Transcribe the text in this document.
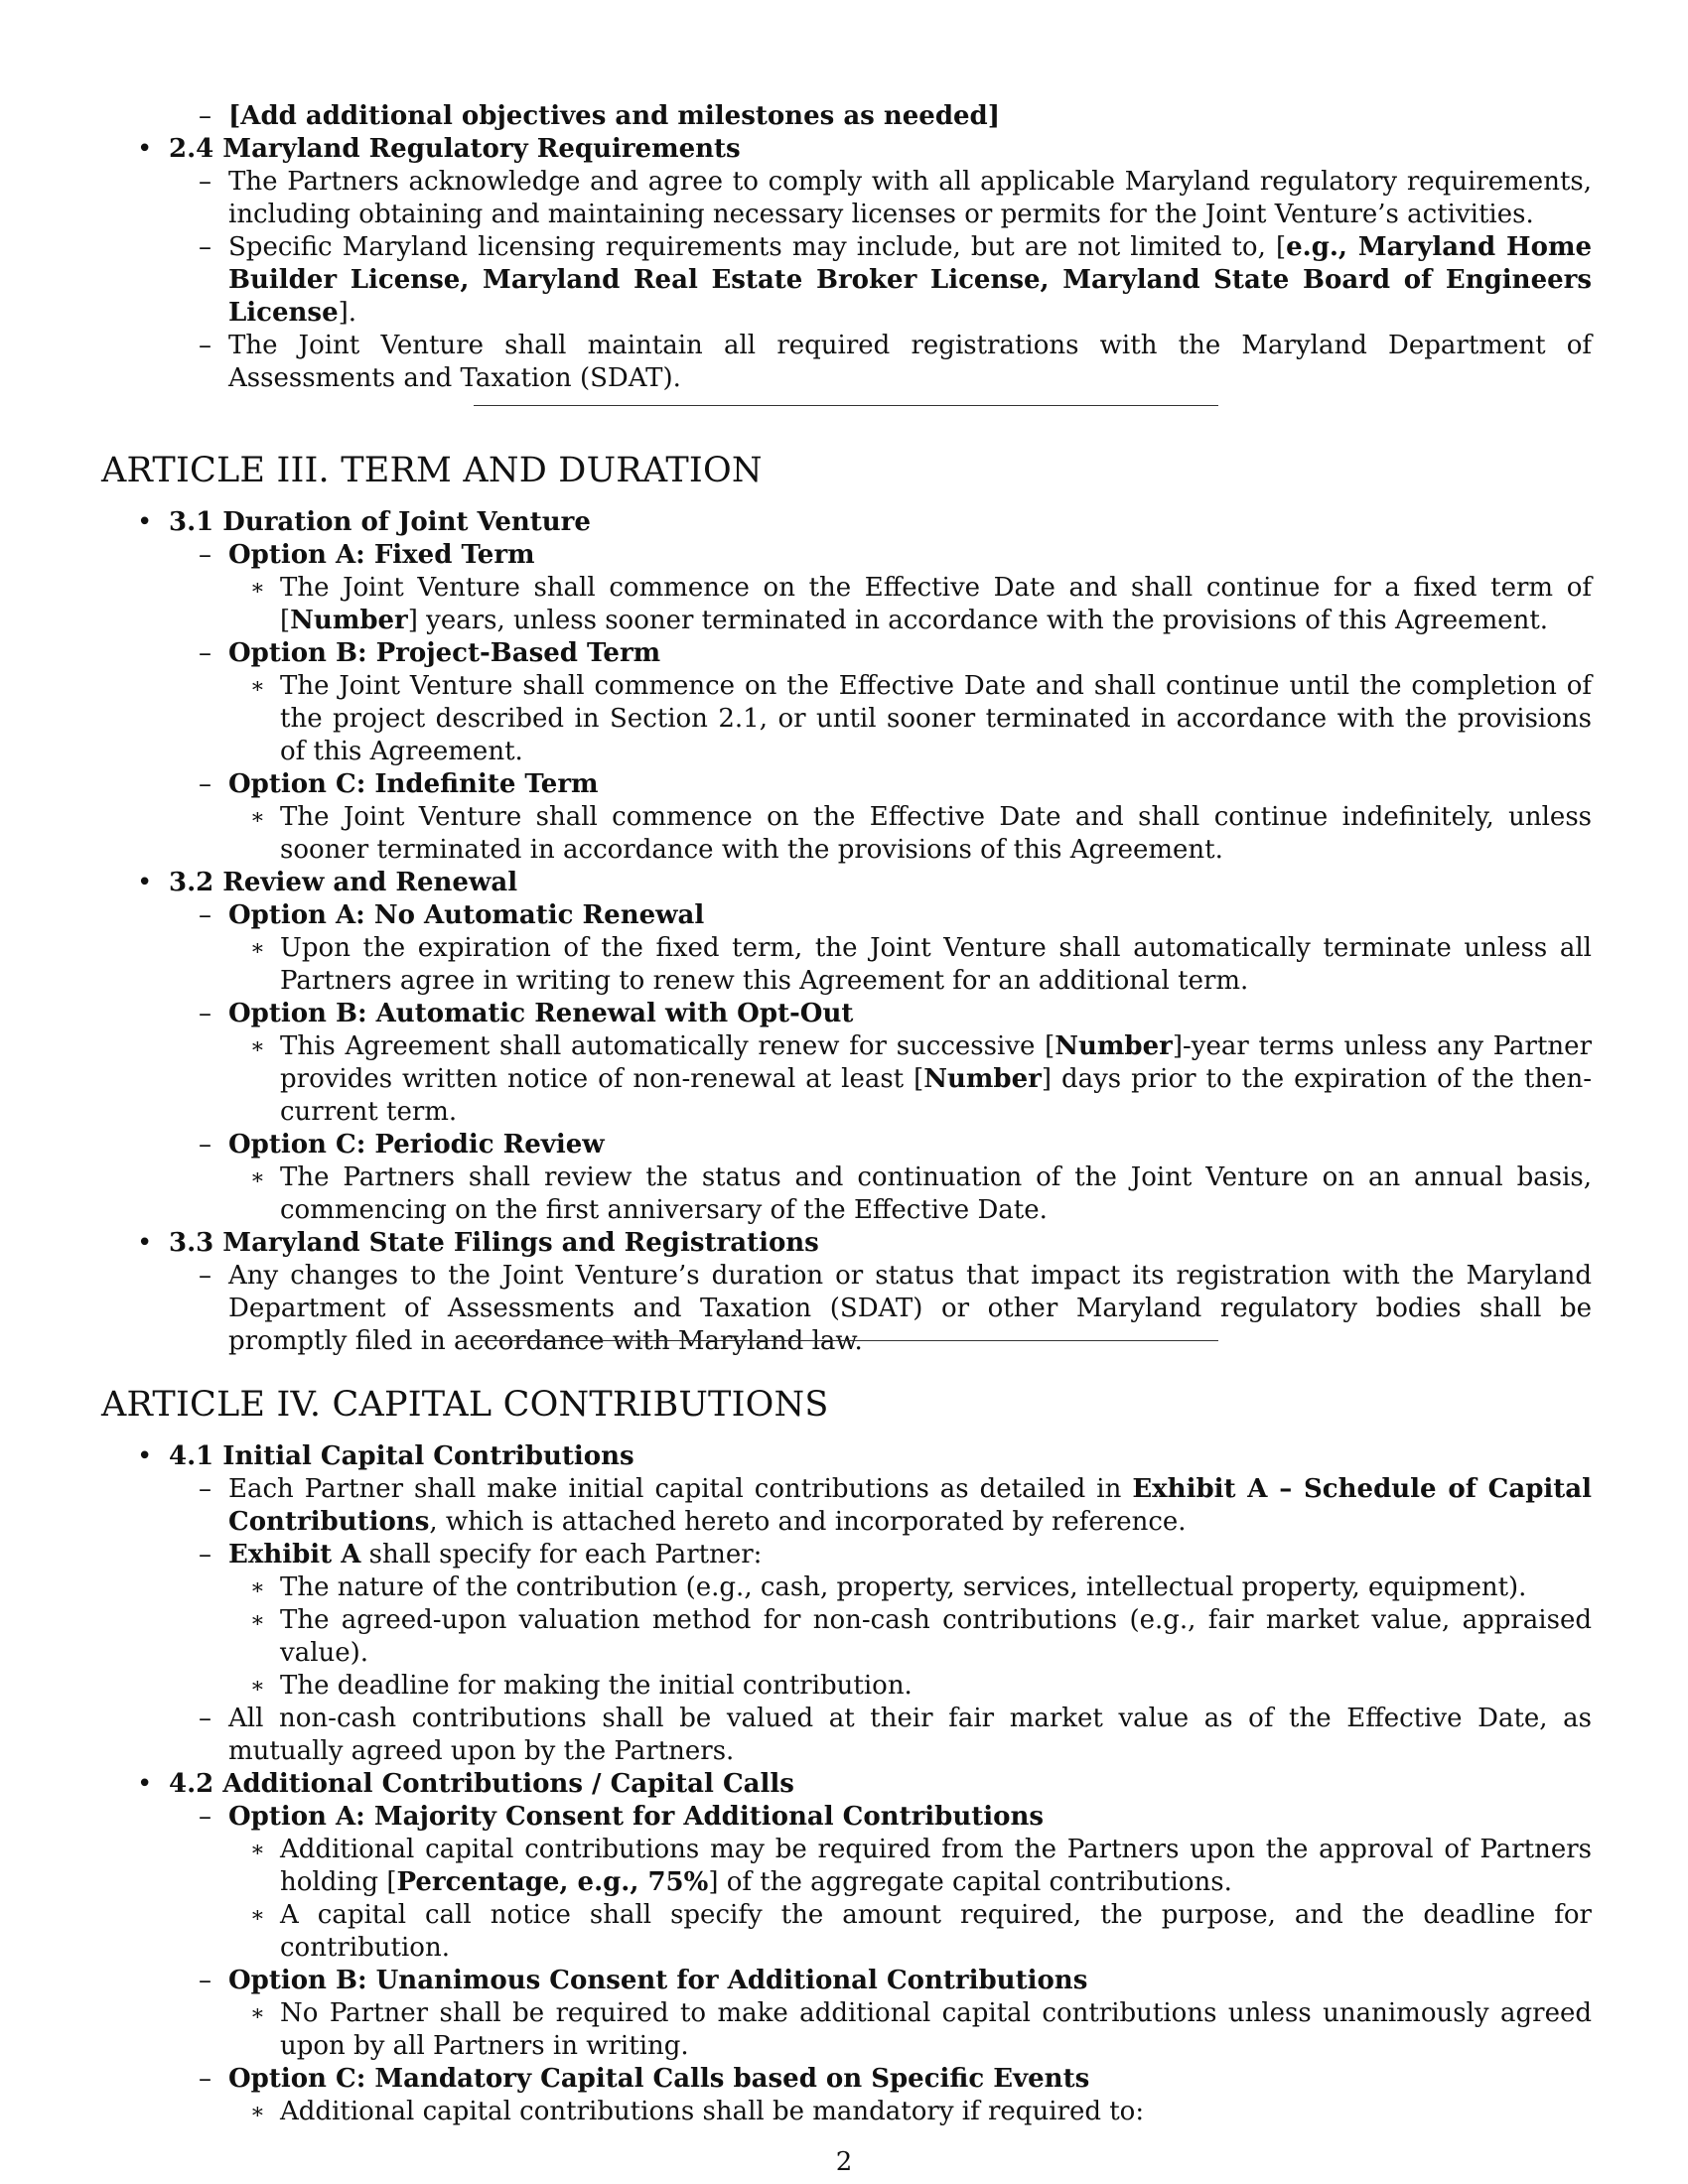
– [Add additional objectives and milestones as needed]
• 2.4 Maryland Regulatory Requirements
– The Partners acknowledge and agree to comply with all applicable Maryland regulatory requirements, including obtaining and maintaining necessary licenses or permits for the Joint Venture’s activities.
– Specific Maryland licensing requirements may include, but are not limited to, [e.g., Maryland Home Builder License, Maryland Real Estate Broker License, Maryland State Board of Engineers License].
– The Joint Venture shall maintain all required registrations with the Maryland Department of Assessments and Taxation (SDAT).
ARTICLE III. TERM AND DURATION
• 3.1 Duration of Joint Venture
– Option A: Fixed Term
∗ The Joint Venture shall commence on the Effective Date and shall continue for a fixed term of [Number] years, unless sooner terminated in accordance with the provisions of this Agreement.
– Option B: Project-Based Term
∗ The Joint Venture shall commence on the Effective Date and shall continue until the completion of the project described in Section 2.1, or until sooner terminated in accordance with the provisions of this Agreement.
– Option C: Indefinite Term
∗ The Joint Venture shall commence on the Effective Date and shall continue indefinitely, unless sooner terminated in accordance with the provisions of this Agreement.
• 3.2 Review and Renewal
– Option A: No Automatic Renewal
∗ Upon the expiration of the fixed term, the Joint Venture shall automatically terminate unless all Partners agree in writing to renew this Agreement for an additional term.
– Option B: Automatic Renewal with Opt-Out
∗ This Agreement shall automatically renew for successive [Number]-year terms unless any Partner provides written notice of non-renewal at least [Number] days prior to the expiration of the then-current term.
– Option C: Periodic Review
∗ The Partners shall review the status and continuation of the Joint Venture on an annual basis, commencing on the first anniversary of the Effective Date.
• 3.3 Maryland State Filings and Registrations
– Any changes to the Joint Venture’s duration or status that impact its registration with the Maryland Department of Assessments and Taxation (SDAT) or other Maryland regulatory bodies shall be promptly filed in accordance with Maryland law.
ARTICLE IV. CAPITAL CONTRIBUTIONS
• 4.1 Initial Capital Contributions
– Each Partner shall make initial capital contributions as detailed in Exhibit A – Schedule of Capital Contributions, which is attached hereto and incorporated by reference.
– Exhibit A shall specify for each Partner:
∗ The nature of the contribution (e.g., cash, property, services, intellectual property, equipment).
∗ The agreed-upon valuation method for non-cash contributions (e.g., fair market value, appraised value).
∗ The deadline for making the initial contribution.
– All non-cash contributions shall be valued at their fair market value as of the Effective Date, as mutually agreed upon by the Partners.
• 4.2 Additional Contributions / Capital Calls
– Option A: Majority Consent for Additional Contributions
∗ Additional capital contributions may be required from the Partners upon the approval of Partners holding [Percentage, e.g., 75%] of the aggregate capital contributions.
∗ A capital call notice shall specify the amount required, the purpose, and the deadline for contribution.
– Option B: Unanimous Consent for Additional Contributions
∗ No Partner shall be required to make additional capital contributions unless unanimously agreed upon by all Partners in writing.
– Option C: Mandatory Capital Calls based on Specific Events
∗ Additional capital contributions shall be mandatory if required to:
2
